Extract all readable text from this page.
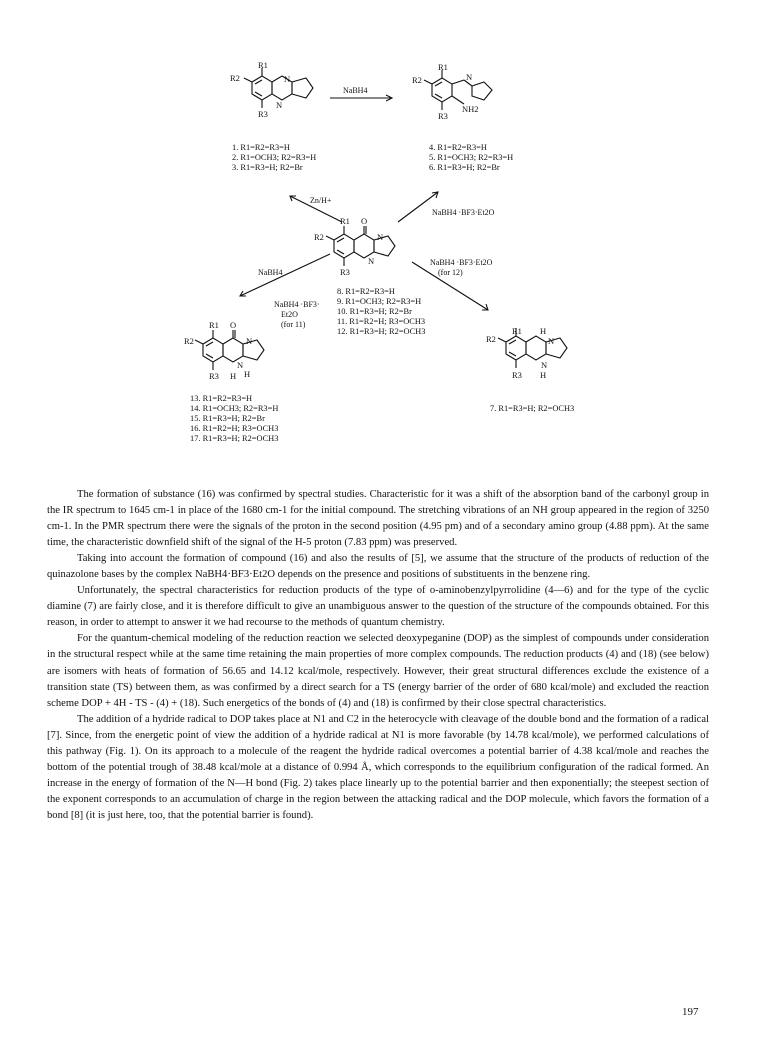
R1
R2
R3
N
N
R1
R2
R3
N
NH2
R1 O
R2
R3
N
N
R1 O
R2	N
N
H
R3 H
R1 H
R2	N
N
R3 H
NaBH4
Zn/H+
NaBH4 ·BF3·Et2O
NaBH4 ·BF3·Et2O
(for 12)
NaBH4
NaBH4 ·BF3·
Et2O
(for 11)
1. R1=R2=R3=H
2. R1=OCH3; R2=R3=H
3. R1=R3=H; R2=Br
4. R1=R2=R3=H
5. R1=OCH3; R2=R3=H
6. R1=R3=H; R2=Br
8. R1=R2=R3=H
9. R1=OCH3; R2=R3=H
10. R1=R3=H; R2=Br
11. R1=R2=H; R3=OCH3
12. R1=R3=H; R2=OCH3
13. R1=R2=R3=H
14. R1=OCH3; R2=R3=H
15. R1=R3=H; R2=Br
16. R1=R2=H; R3=OCH3
17. R1=R3=H; R2=OCH3
7. R1=R3=H; R2=OCH3

The formation of substance (16) was confirmed by spectral studies. Characteristic for it was a shift of the absorption band of the carbonyl group in the IR spectrum to 1645 cm-1 in place of the 1680 cm-1 for the initial compound. The stretching vibrations of an NH group appeared in the region of 3250 cm-1. In the PMR spectrum there were the signals of the proton in the second position (4.95 pm) and of a secondary amino group (4.88 ppm). At the same time, the characteristic downfield shift of the signal of the H-5 proton (7.83 ppm) was preserved.

Taking into account the formation of compound (16) and also the results of [5], we assume that the structure of the products of reduction of the quinazolone bases by the complex NaBH4·BF3·Et2O depends on the presence and positions of substituents in the benzene ring.

Unfortunately, the spectral characteristics for reduction products of the type of o-aminobenzylpyrrolidine (4—6) and for the type of the cyclic diamine (7) are fairly close, and it is therefore difficult to give an unambiguous answer to the question of the structure of the compounds obtained. For this reason, in order to attempt to answer it we had recourse to the methods of quantum chemistry.

For the quantum-chemical modeling of the reduction reaction we selected deoxypeganine (DOP) as the simplest of compounds under consideration in the structural respect while at the same time retaining the main properties of more complex compounds. The reduction products (4) and (18) (see below) are isomers with heats of formation of 56.65 and 14.12 kcal/mole, respectively. However, their great structural differences exclude the existence of a transition state (TS) between them, as was confirmed by a direct search for a TS (energy barrier of the order of 680 kcal/mole) and excluded the reaction scheme DOP + 4H - TS - (4) + (18). Such energetics of the bonds of (4) and (18) is confirmed by their close spectral characteristics.

The addition of a hydride radical to DOP takes place at N1 and C2 in the heterocycle with cleavage of the double bond and the formation of a radical [7]. Since, from the energetic point of view the addition of a hydride radical at N1 is more favorable (by 14.78 kcal/mole), we performed calculations of this pathway (Fig. 1). On its approach to a molecule of the reagent the hydride radical overcomes a potential barrier of 4.38 kcal/mole and reaches the bottom of the potential trough of 38.48 kcal/mole at a distance of 0.994 Å, which corresponds to the equilibrium configuration of the radical formed. An increase in the energy of formation of the N—H bond (Fig. 2) takes place linearly up to the potential barrier and then exponentially; the steepest section of the exponent corresponds to an accumulation of charge in the region between the attacking radical and the DOP molecule, which favors the formation of a bond [8] (it is just here, too, that the potential barrier is found).

197
